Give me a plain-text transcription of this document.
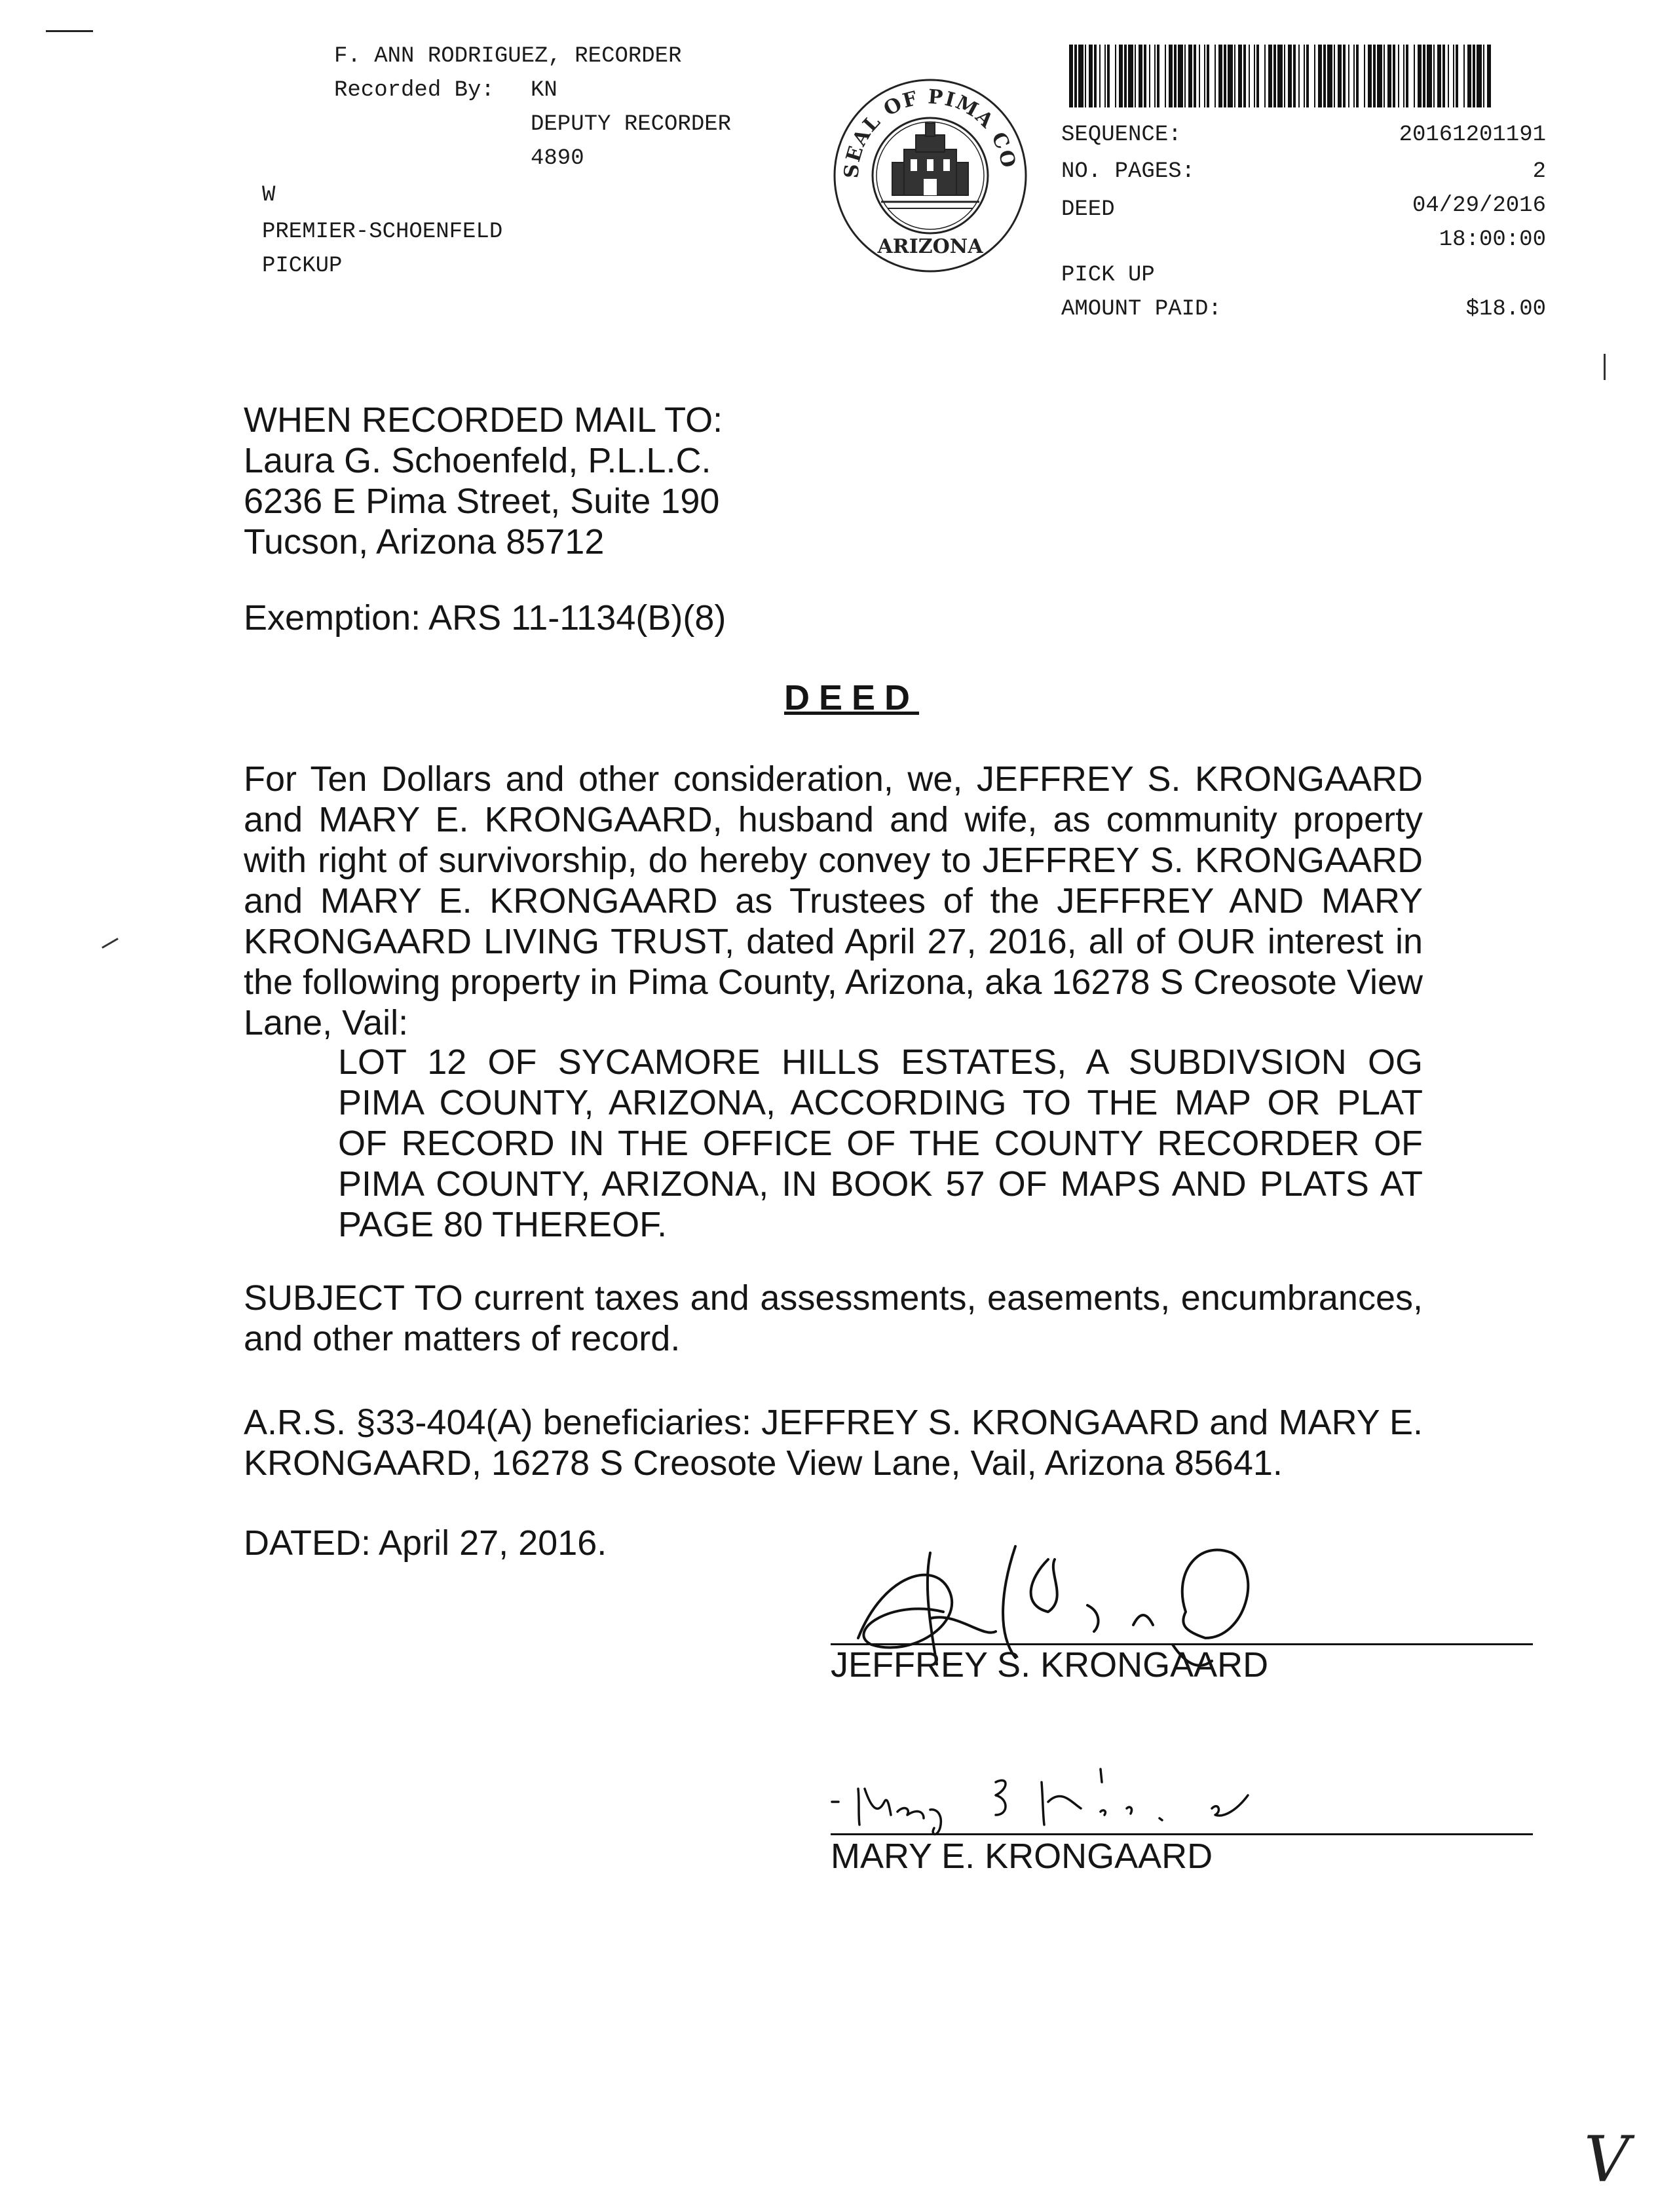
F. ANN RODRIGUEZ, RECORDER
Recorded By: KN
DEPUTY RECORDER
4890
W
PREMIER-SCHOENFELD
PICKUP
SEAL OF PIMA CO
ARIZONA
SEQUENCE:	20161201191
NO. PAGES:	2
DEED	04/29/2016
18:00:00
PICK UP
AMOUNT PAID:	$18.00
WHEN RECORDED MAIL TO:
Laura G. Schoenfeld, P.L.L.C.
6236 E Pima Street, Suite 190
Tucson, Arizona 85712
Exemption: ARS 11-1134(B)(8)
DEED
For Ten Dollars and other consideration, we, JEFFREY S. KRONGAARD and MARY E. KRONGAARD, husband and wife, as community property with right of survivorship, do hereby convey to JEFFREY S. KRONGAARD and MARY E. KRONGAARD as Trustees of the JEFFREY AND MARY KRONGAARD LIVING TRUST, dated April 27, 2016, all of OUR interest in the following property in Pima County, Arizona, aka 16278 S Creosote View Lane, Vail:
LOT 12 OF SYCAMORE HILLS ESTATES, A SUBDIVSION OG PIMA COUNTY, ARIZONA, ACCORDING TO THE MAP OR PLAT OF RECORD IN THE OFFICE OF THE COUNTY RECORDER OF PIMA COUNTY, ARIZONA, IN BOOK 57 OF MAPS AND PLATS AT PAGE 80 THEREOF.
SUBJECT TO current taxes and assessments, easements, encumbrances, and other matters of record.
A.R.S. §33-404(A) beneficiaries: JEFFREY S. KRONGAARD and MARY E. KRONGAARD, 16278 S Creosote View Lane, Vail, Arizona 85641.
DATED: April 27, 2016.
JEFFREY S. KRONGAARD
MARY E. KRONGAARD
V
